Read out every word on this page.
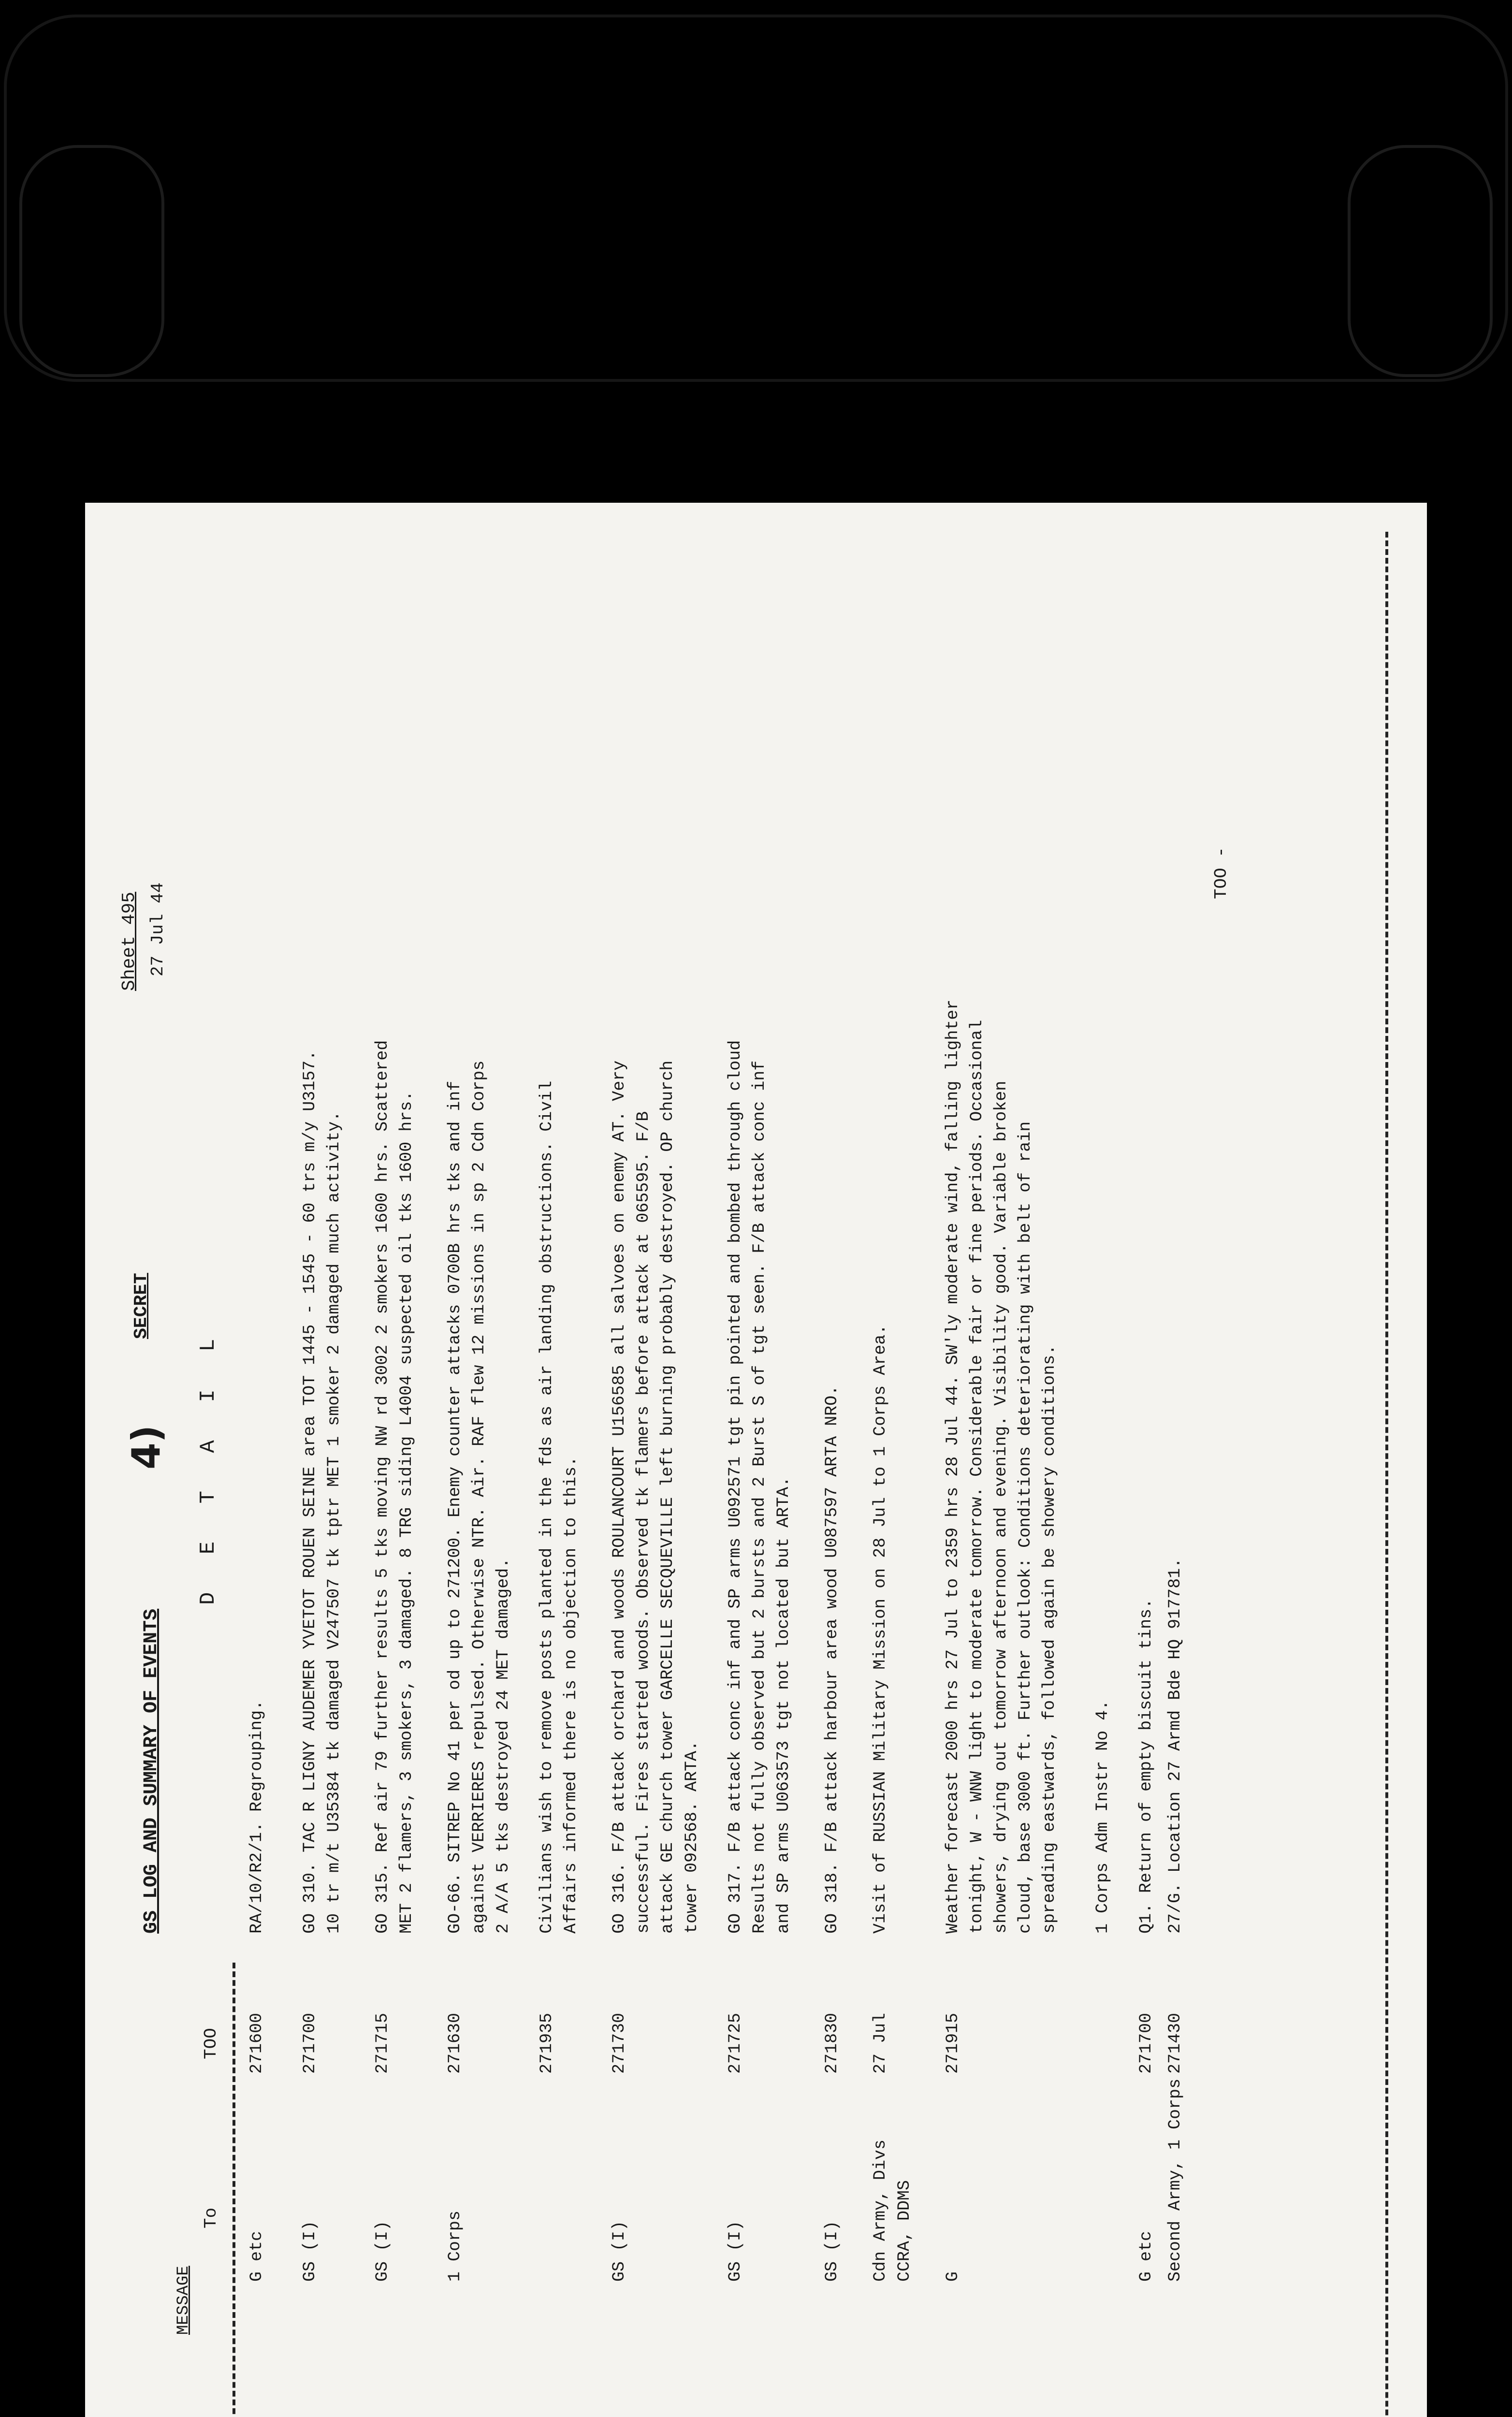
GS LOG AND SUMMARY OF EVENTS
4)
SECRET
Sheet 495 27 Jul 44
MESSAGE
To
TOO
D E T A I L
G etc
271600
RA/10/R2/1. Regrouping.
GS (I)
271700
GO 310. TAC R LIGNY AUDEMER YVETOT ROUEN SEINE area TOT 1445 - 1545 - 60 trs m/y U3157. 10 tr m/t U35384 tk damaged V247507 tk tptr MET 1 smoker 2 damaged much activity.
GS (I)
271715
GO 315. Ref air 79 further results 5 tks moving NW rd 3002 2 smokers 1600 hrs. Scattered MET 2 flamers, 3 smokers, 3 damaged. 8 TRG siding L4004 suspected oil tks 1600 hrs.
1 Corps
271630
GO-66. SITREP No 41 per od up to 271200. Enemy counter attacks 0700B hrs tks and inf against VERRIERES repulsed. Otherwise NTR. Air. RAF flew 12 missions in sp 2 Cdn Corps 2 A/A 5 tks destroyed 24 MET damaged.
271935
Civilians wish to remove posts planted in the fds as air landing obstructions. Civil Affairs informed there is no objection to this.
GS (I)
271730
GO 316. F/B attack orchard and woods ROULANCOURT U156585 all salvoes on enemy AT. Very successful. Fires started woods. Observed tk flamers before attack at 065595. F/B attack GE church tower GARCELLE SECQUEVILLE left burning probably destroyed. OP church tower 092568. ARTA.
GS (I)
271725
GO 317. F/B attack conc inf and SP arms U092571 tgt pin pointed and bombed through cloud Results not fully observed but 2 bursts and 2 Burst S of tgt seen. F/B attack conc inf and SP arms U063573 tgt not located but ARTA.
GS (I)
271830
GO 318. F/B attack harbour area wood U087597 ARTA NRO.
Cdn Army, Divs CCRA, DDMS
27 Jul
Visit of RUSSIAN Military Mission on 28 Jul to 1 Corps Area.
G
271915
Weather forecast 2000 hrs 27 Jul to 2359 hrs 28 Jul 44. SW'ly moderate wind, falling lighter tonight, W - WNW light to moderate tomorrow. Considerable fair or fine periods. Occasional showers, drying out tomorrow afternoon and evening. Visibility good. Variable broken cloud, base 3000 ft. Further outlook: Conditions deteriorating with belt of rain spreading eastwards, followed again be showery conditions. 1 Corps Adm Instr No 4.
G etc
271700
Q1. Return of empty biscuit tins.
Second Army, 1 Corps
271430
27/G. Location 27 Armd Bde HQ 917781.
TOO -
